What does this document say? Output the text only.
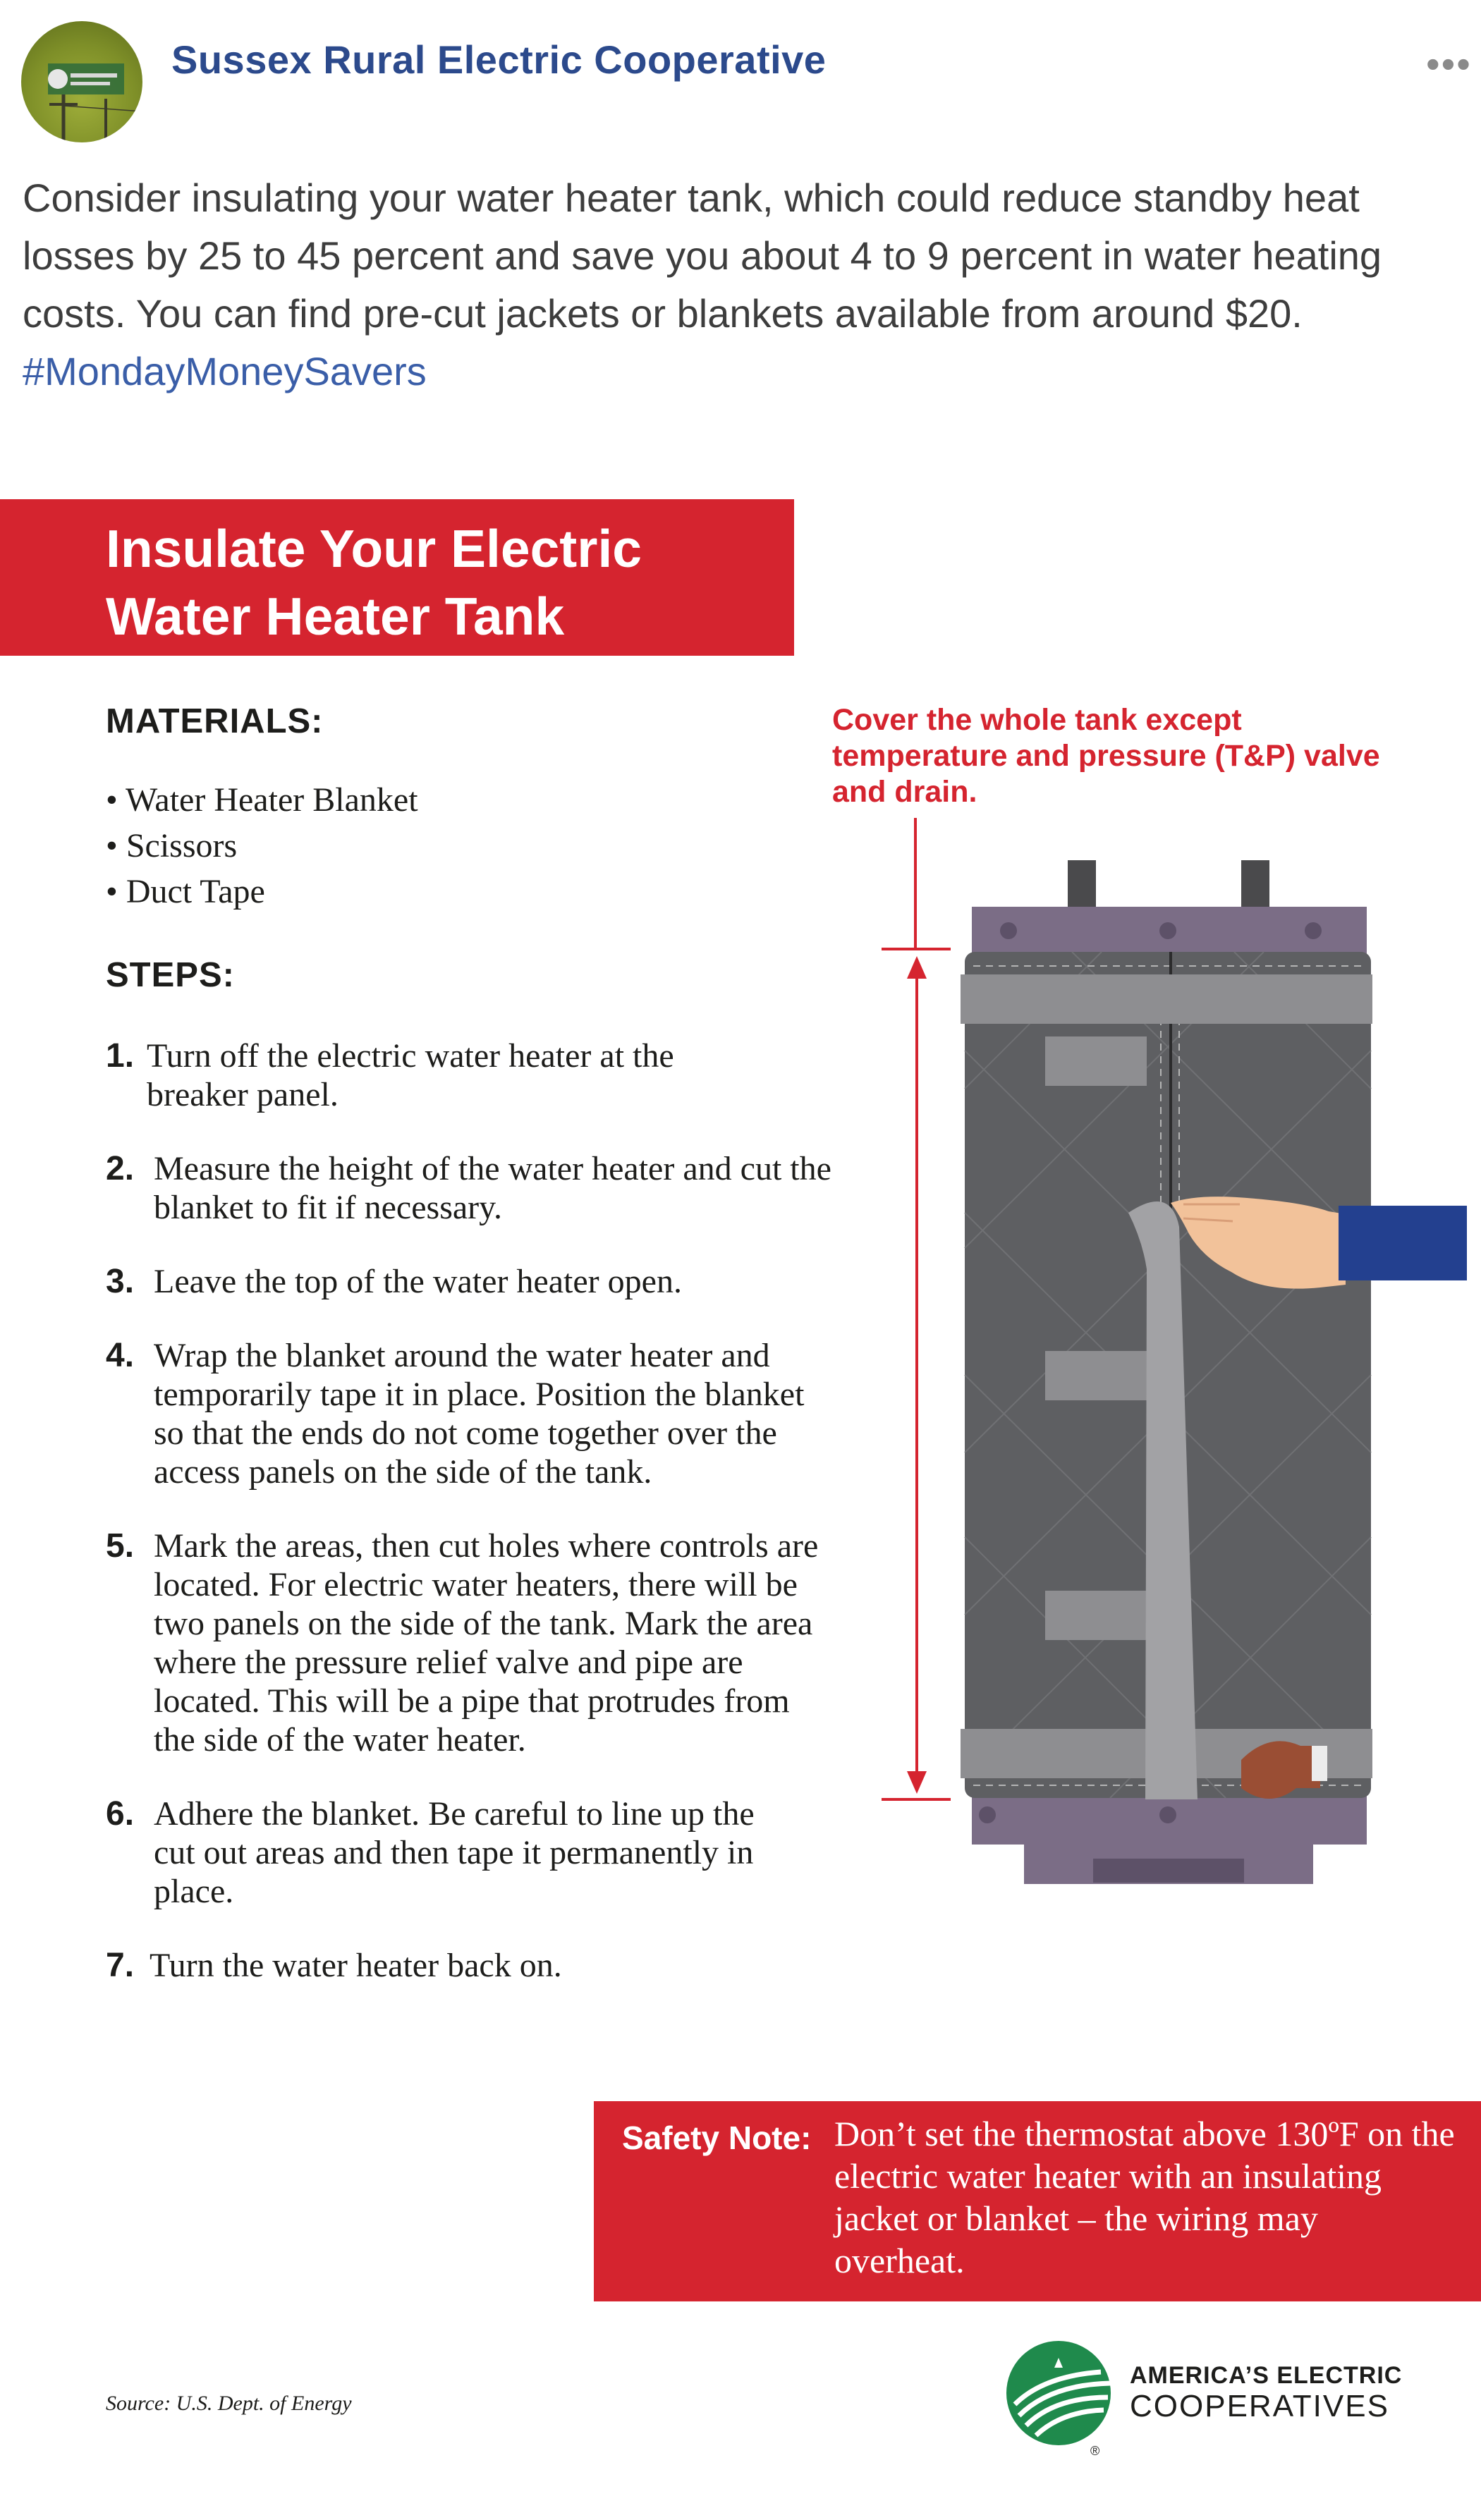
Sussex Rural Electric Cooperative	•••
Consider insulating your water heater tank, which could reduce standby heat losses by 25 to 45 percent and save you about 4 to 9 percent in water heating costs. You can find pre-cut jackets or blankets available from around $20. #MondayMoneySavers
Insulate Your Electric
Water Heater Tank
MATERIALS:
• Water Heater Blanket
• Scissors
• Duct Tape
STEPS:
1. Turn off the electric water heater at the breaker panel.
2. Measure the height of the water heater and cut the blanket to fit if necessary.
3. Leave the top of the water heater open.
4. Wrap the blanket around the water heater and temporarily tape it in place. Position the blanket so that the ends do not come together over the access panels on the side of the tank.
5. Mark the areas, then cut holes where controls are located. For electric water heaters, there will be two panels on the side of the tank. Mark the area where the pressure relief valve and pipe are located. This will be a pipe that protrudes from the side of the water heater.
6. Adhere the blanket. Be careful to line up the cut out areas and then tape it permanently in place.
7. Turn the water heater back on.
Cover the whole tank except temperature and pressure (T&P) valve and drain.
Safety Note: Don’t set the thermostat above 130ºF on the electric water heater with an insulating jacket or blanket – the wiring may overheat.
Source: U.S. Dept. of Energy
®
AMERICA’S ELECTRIC
COOPERATIVES
